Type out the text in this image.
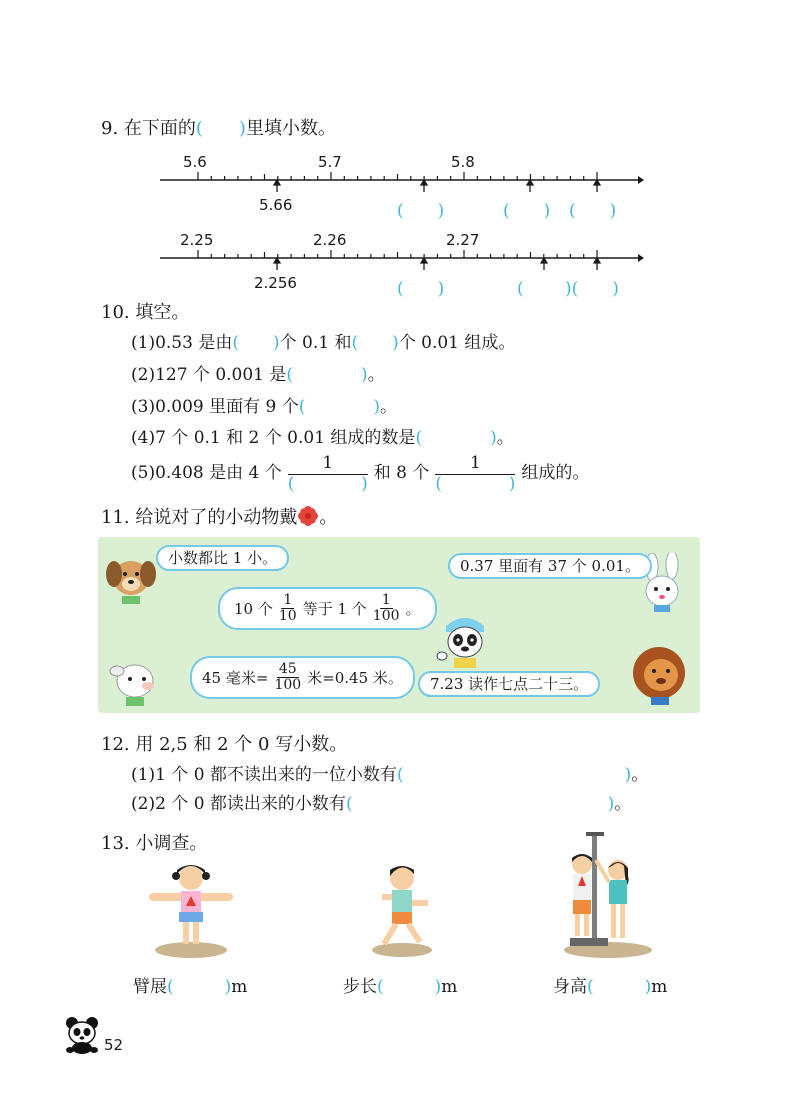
9. 在下面的(　　)里填小数。
5.6	5.7	5.8
5.66	(　　)	(　　) (　　)
2.25	2.26	2.27
2.256	(　　)	(　　 )(　　)
10. 填空。
(1)0.53 是由(　　)个 0.1 和(　　)个 0.01 组成。
(2)127 个 0.001 是(　　　　)。
(3)0.009 里面有 9 个(　　　　)。
(4)7 个 0.1 和 2 个 0.01 组成的数是(　　　　)。
(5)0.408 是由 4 个 1
(	) 和 8 个 1
(	) 组成的。
11. 给说对了的小动物戴 。
小数都比 1 小。	0.37 里面有 37 个 0.01。
10 个 $\frac{1}{10}$ 等于 1 个 $\frac{1}{100}$ 。
45 毫米= $\frac{45}{100}$ 米=0.45 米。	7.23 读作七点二十三。
12. 用 2,5 和 2 个 0 写小数。
(1)1 个 0 都不读出来的一位小数有(　　　　　　　　　　　　　)。
(2)2 个 0 都读出来的小数有(　　　　　　　　　　　　　　　)。
13. 小调查。
臂展(　　　)m	步长(　　　)m	身高(　　　)m
52
